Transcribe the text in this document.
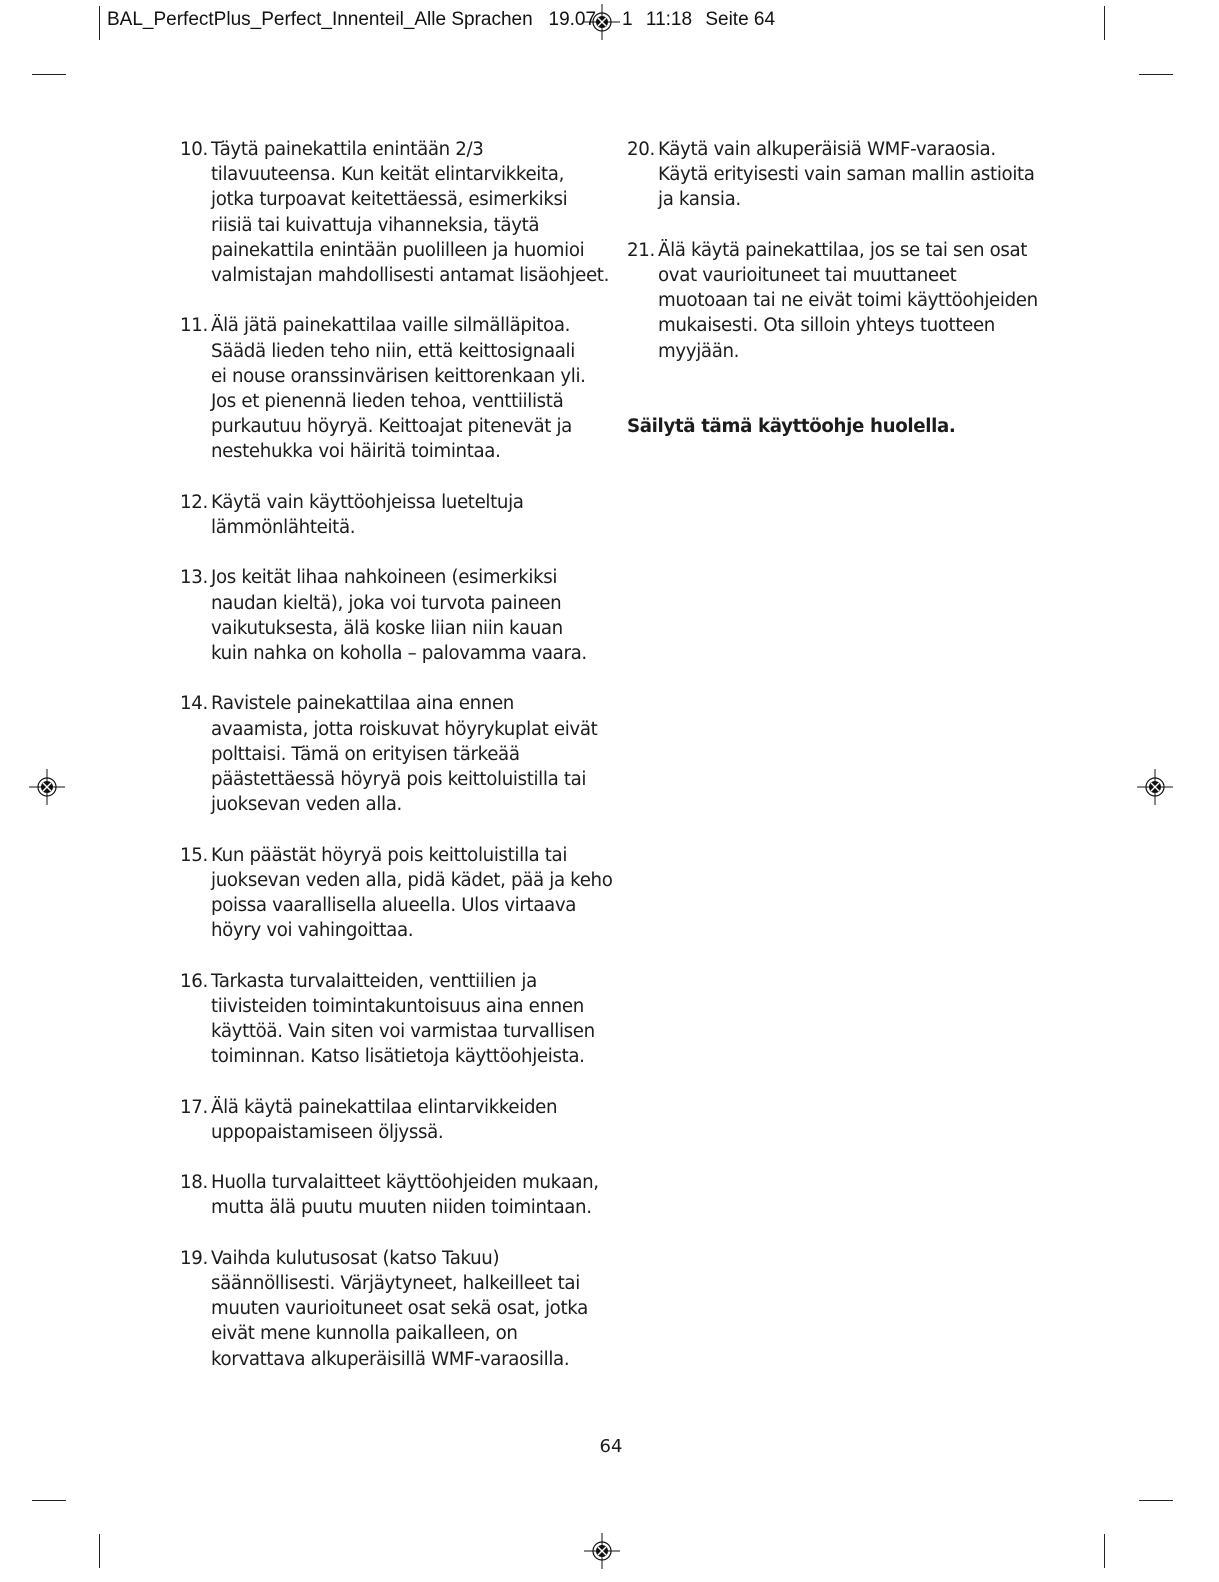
BAL_PerfectPlus_Perfect_Innenteil_Alle Sprachen 19.07 1 11:18 Seite 64
10. Täytä painekattila enintään 2/3
tilavuuteensa. Kun keität elintarvikkeita,
jotka turpoavat keitettäessä, esimerkiksi
riisiä tai kuivattuja vihanneksia, täytä
painekattila enintään puolilleen ja huomioi
valmistajan mahdollisesti antamat lisäohjeet.
11. Älä jätä painekattilaa vaille silmälläpitoa.
Säädä lieden teho niin, että keittosignaali
ei nouse oranssinvärisen keittorenkaan yli.
Jos et pienennä lieden tehoa, venttiilistä
purkautuu höyryä. Keittoajat pitenevät ja
nestehukka voi häiritä toimintaa.
12. Käytä vain käyttöohjeissa lueteltuja
lämmönlähteitä.
13. Jos keität lihaa nahkoineen (esimerkiksi
naudan kieltä), joka voi turvota paineen
vaikutuksesta, älä koske liian niin kauan
kuin nahka on koholla – palovamma vaara.
14. Ravistele painekattilaa aina ennen
avaamista, jotta roiskuvat höyrykuplat eivät
polttaisi. Tämä on erityisen tärkeää
päästettäessä höyryä pois keittoluistilla tai
juoksevan veden alla.
15. Kun päästät höyryä pois keittoluistilla tai
juoksevan veden alla, pidä kädet, pää ja keho
poissa vaarallisella alueella. Ulos virtaava
höyry voi vahingoittaa.
16. Tarkasta turvalaitteiden, venttiilien ja
tiivisteiden toimintakuntoisuus aina ennen
käyttöä. Vain siten voi varmistaa turvallisen
toiminnan. Katso lisätietoja käyttöohjeista.
17. Älä käytä painekattilaa elintarvikkeiden
uppopaistamiseen öljyssä.
18. Huolla turvalaitteet käyttöohjeiden mukaan,
mutta älä puutu muuten niiden toimintaan.
19. Vaihda kulutusosat (katso Takuu)
säännöllisesti. Värjäytyneet, halkeilleet tai
muuten vaurioituneet osat sekä osat, jotka
eivät mene kunnolla paikalleen, on
korvattava alkuperäisillä WMF-varaosilla.
20. Käytä vain alkuperäisiä WMF-varaosia.
Käytä erityisesti vain saman mallin astioita
ja kansia.
21. Älä käytä painekattilaa, jos se tai sen osat
ovat vaurioituneet tai muuttaneet
muotoaan tai ne eivät toimi käyttöohjeiden
mukaisesti. Ota silloin yhteys tuotteen
myyjään.
Säilytä tämä käyttöohje huolella.
64
